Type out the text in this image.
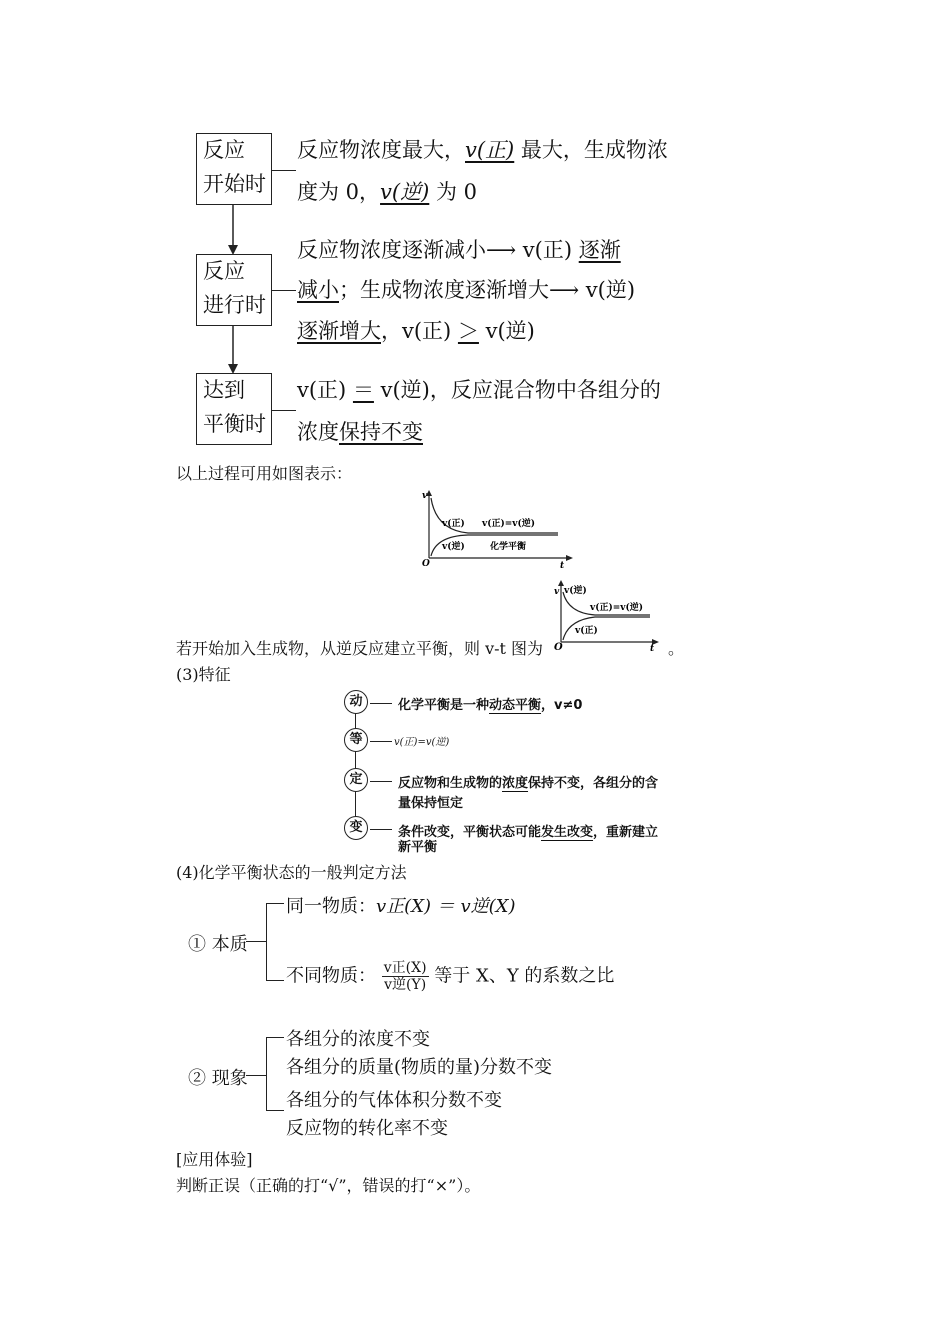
反应
开始时
反应物浓度最大，v(正) 最大，生成物浓
度为 0，v(逆) 为 0
反应
进行时
反应物浓度逐渐减小⟶ v(正) 逐渐
减小；生成物浓度逐渐增大⟶ v(逆)
逐渐增大，v(正) ＞ v(逆)
达到
平衡时
v(正) ＝ v(逆)，反应混合物中各组分的
浓度保持不变
以上过程可用如图表示：
v
t
O
v(正) v(正)=v(逆)
v(逆)	化学平衡
若开始加入生成物，从逆反应建立平衡，则 v-t 图为
v
t
O
v(逆)
v(正)=v(逆)
v(正)
。
(3)特征
动	化学平衡是一种动态平衡，v≠0
等	v(正)=v(逆)
定	反应物和生成物的浓度保持不变，各组分的含
量保持恒定
变	条件改变，平衡状态可能发生改变，重新建立
新平衡
(4)化学平衡状态的一般判定方法
① 本质
同一物质：v正(X) ＝ v逆(X)
不同物质： $\frac{\text{v正(X)}}{\text{v逆(Y)}}$ 等于 X、Y 的系数之比
② 现象
各组分的浓度不变
各组分的质量(物质的量)分数不变
各组分的气体体积分数不变
反应物的转化率不变
[应用体验]
判断正误（正确的打“√”，错误的打“×”）。
